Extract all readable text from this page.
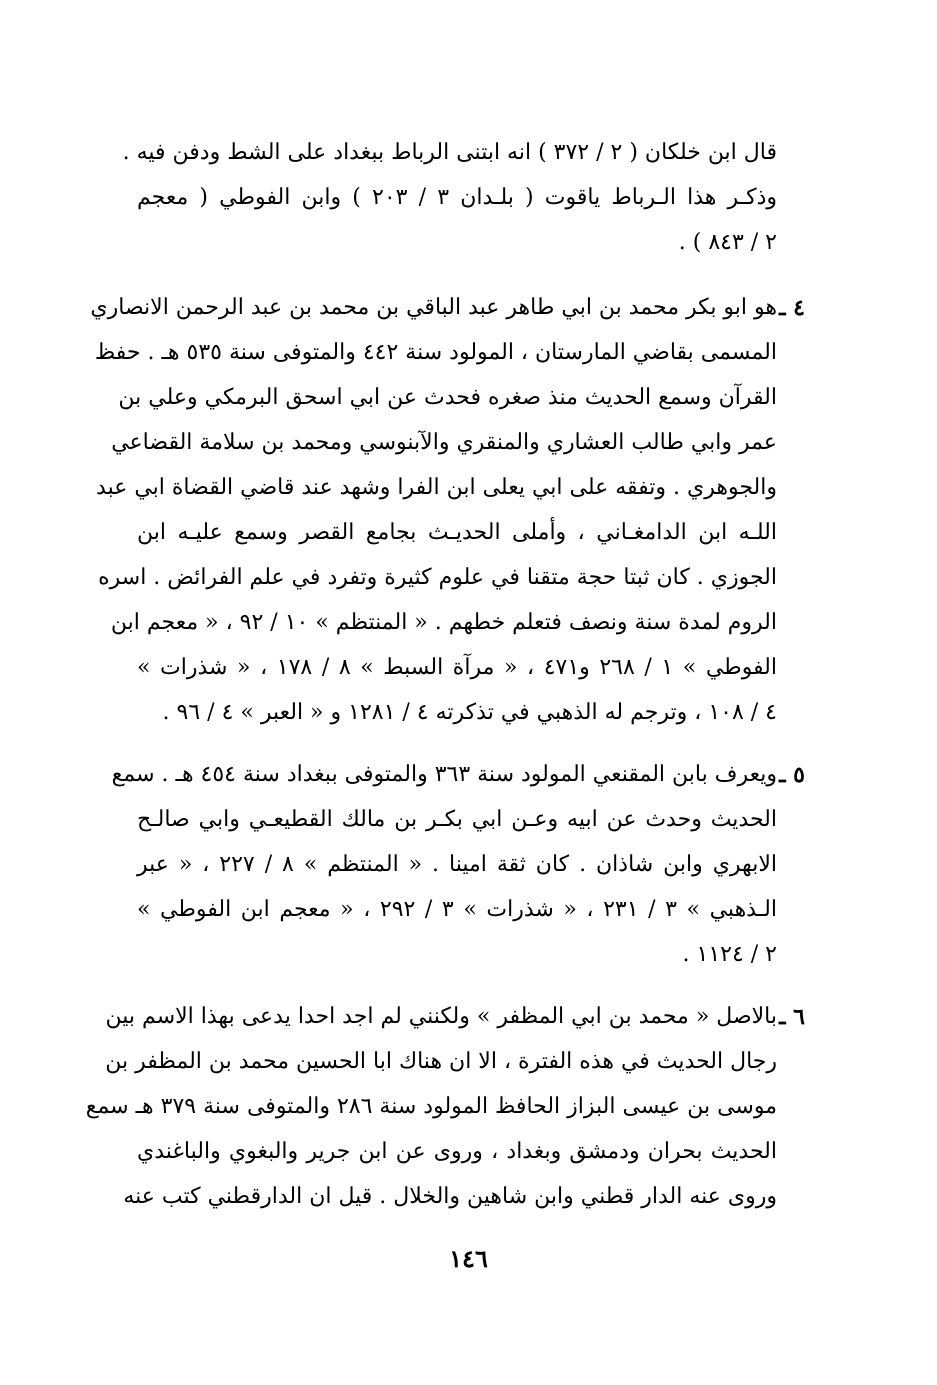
قال ابن خلكان ( ٢ / ٣٧٢ ) انه ابتنى الرباط ببغداد على الشط ودفن فيه .
وذكـر هذا الـرباط ياقوت ( بلـدان ٣ / ٢٠٣ ) وابن الفوطي ( معجم
٢ / ٨٤٣ ) .
٤ ـ
هو ابو بكر محمد بن ابي طاهر عبد الباقي بن محمد بن عبد الرحمن الانصاري
المسمى بقاضي المارستان ، المولود سنة ٤٤٢ والمتوفى سنة ٥٣٥ هـ . حفظ
القرآن وسمع الحديث منذ صغره فحدث عن ابي اسحق البرمكي وعلي بن
عمر وابي طالب العشاري والمنقري والآبنوسي ومحمد بن سلامة القضاعي
والجوهري . وتفقه على ابي يعلى ابن الفرا وشهد عند قاضي القضاة ابي عبد
اللـه ابن الدامغـاني ، وأملى الحديـث بجامع القصر وسمع عليـه ابن
الجوزي . كان ثبتا حجة متقنا في علوم كثيرة وتفرد في علم الفرائض . اسره
الروم لمدة سنة ونصف فتعلم خطهم . « المنتظم » ١٠ / ٩٢ ، « معجم ابن
الفوطي » ١ / ٢٦٨ و٤٧١ ، « مرآة السبط » ٨ / ١٧٨ ، « شذرات »
٤ / ١٠٨ ، وترجم له الذهبي في تذكرته ٤ / ١٢٨١ و « العبر » ٤ / ٩٦ .
٥ ـ
ويعرف بابن المقنعي المولود سنة ٣٦٣ والمتوفى ببغداد سنة ٤٥٤ هـ . سمع
الحديث وحدث عن ابيه وعـن ابي بكـر بن مالك القطيعـي وابي صالـح
الابهري وابن شاذان . كان ثقة امينا . « المنتظم » ٨ / ٢٢٧ ، « عبر
الـذهبي » ٣ / ٢٣١ ، « شذرات » ٣ / ٢٩٢ ، « معجم ابن الفوطي »
٢ / ١١٢٤ .
٦ ـ
بالاصل « محمد بن ابي المظفر » ولكنني لم اجد احدا يدعى بهذا الاسم بين
رجال الحديث في هذه الفترة ، الا ان هناك ابا الحسين محمد بن المظفر بن
موسى بن عيسى البزاز الحافظ المولود سنة ٢٨٦ والمتوفى سنة ٣٧٩ هـ سمع
الحديث بحران ودمشق وبغداد ، وروى عن ابن جرير والبغوي والباغندي
وروى عنه الدار قطني وابن شاهين والخلال . قيل ان الدارقطني كتب عنه
١٤٦
